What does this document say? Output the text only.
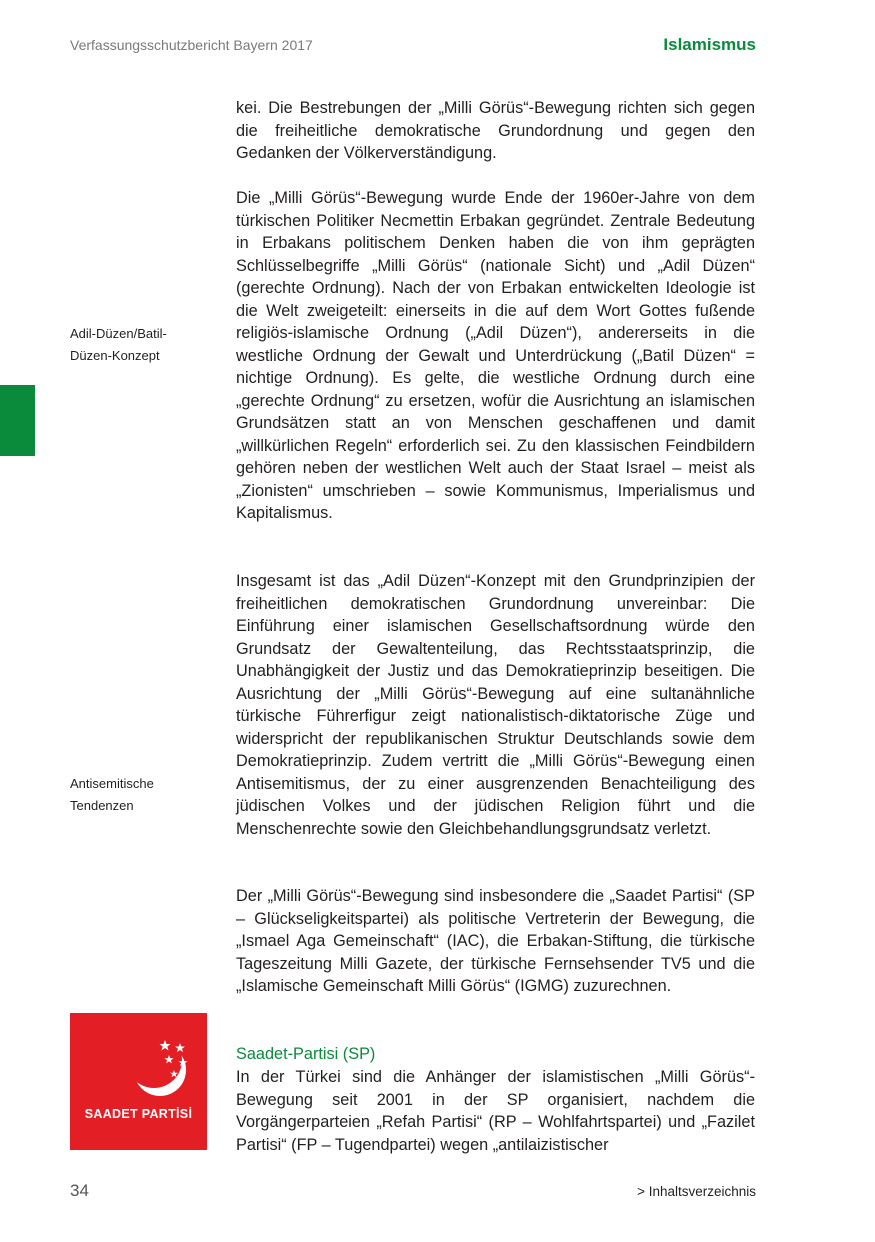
Verfassungsschutzbericht Bayern 2017	Islamismus
Adil-Düzen/Batil-
Düzen-Konzept
Antisemitische
Tendenzen

kei. Die Bestrebungen der „Milli Görüs“-Bewegung richten sich gegen die freiheitliche demokratische Grundordnung und gegen den Gedanken der Völkerverständigung.

Die „Milli Görüs“-Bewegung wurde Ende der 1960er-Jahre von dem türkischen Politiker Necmettin Erbakan gegründet. Zentrale Bedeutung in Erbakans politischem Denken haben die von ihm geprägten Schlüsselbegriffe „Milli Görüs“ (nationale Sicht) und „Adil Düzen“ (gerechte Ordnung). Nach der von Erbakan entwickelten Ideologie ist die Welt zweigeteilt: einerseits in die auf dem Wort Gottes fußende religiös-islamische Ordnung („Adil Düzen“), andererseits in die westliche Ordnung der Gewalt und Unterdrückung („Batil Düzen“ = nichtige Ordnung). Es gelte, die westliche Ordnung durch eine „gerechte Ordnung“ zu ersetzen, wofür die Ausrichtung an islamischen Grundsätzen statt an von Menschen geschaffenen und damit „willkürlichen Regeln“ erforderlich sei. Zu den klassischen Feindbildern gehören neben der westlichen Welt auch der Staat Israel – meist als „Zionisten“ umschrieben – sowie Kommunismus, Imperialismus und Kapitalismus.

Insgesamt ist das „Adil Düzen“-Konzept mit den Grundprinzipien der freiheitlichen demokratischen Grundordnung unvereinbar: Die Einführung einer islamischen Gesellschaftsordnung würde den Grundsatz der Gewaltenteilung, das Rechtsstaatsprinzip, die Unabhängigkeit der Justiz und das Demokratieprinzip beseitigen. Die Ausrichtung der „Milli Görüs“-Bewegung auf eine sultanähnliche türkische Führerfigur zeigt nationalistisch-diktatorische Züge und widerspricht der republikanischen Struktur Deutschlands sowie dem Demokratieprinzip. Zudem vertritt die „Milli Görüs“-Bewegung einen Antisemitismus, der zu einer ausgrenzenden Benachteiligung des jüdischen Volkes und der jüdischen Religion führt und die Menschenrechte sowie den Gleichbehandlungsgrundsatz verletzt.

Der „Milli Görüs“-Bewegung sind insbesondere die „Saadet Partisi“ (SP – Glückseligkeitspartei) als politische Vertreterin der Bewegung, die „Ismael Aga Gemeinschaft“ (IAC), die Erbakan-Stiftung, die türkische Tageszeitung Milli Gazete, der türkische Fernsehsender TV5 und die „Islamische Gemeinschaft Milli Görüs“ (IGMG) zuzurechnen.

SAADET PARTİSİ

Saadet-Partisi (SP)

In der Türkei sind die Anhänger der islamistischen „Milli Görüs“-Bewegung seit 2001 in der SP organisiert, nachdem die Vorgängerparteien „Refah Partisi“ (RP – Wohlfahrtspartei) und „Fazilet Partisi“ (FP – Tugendpartei) wegen „antilaizistischer

34	> Inhaltsverzeichnis
